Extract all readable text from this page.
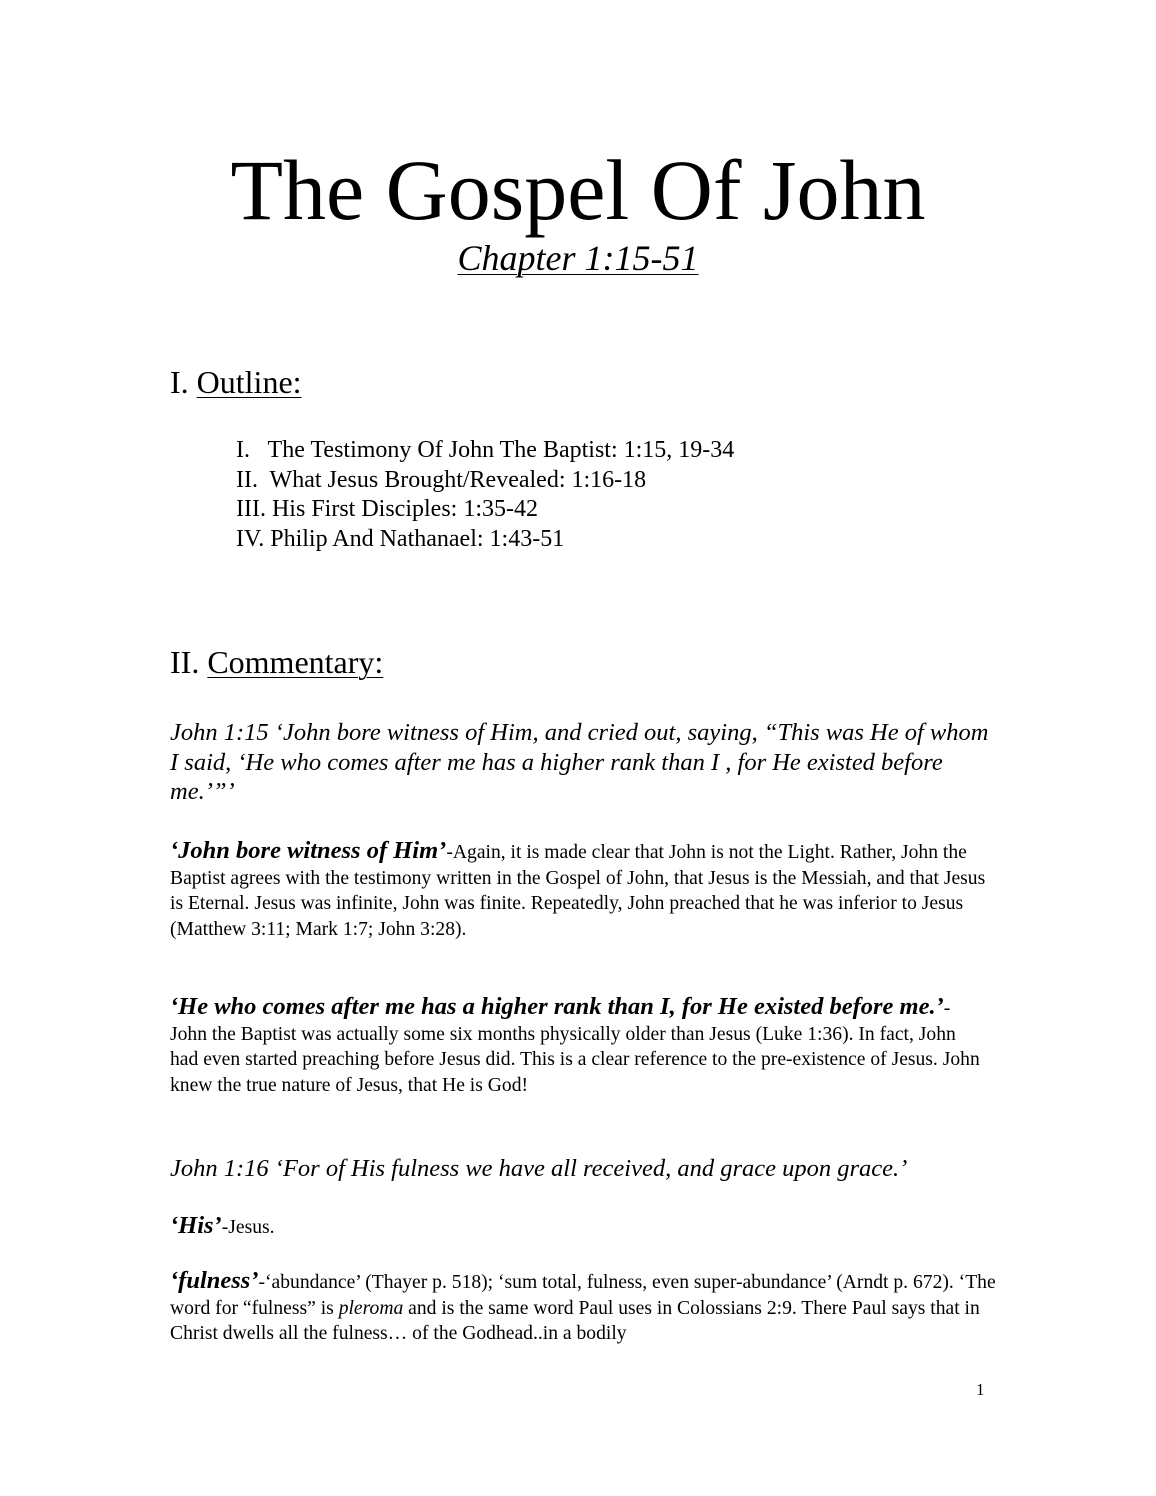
The Gospel Of John
Chapter 1:15-51
I. Outline:
I.   The Testimony Of John The Baptist: 1:15, 19-34
II.  What Jesus Brought/Revealed: 1:16-18
III. His First Disciples: 1:35-42
IV. Philip And Nathanael: 1:43-51
II. Commentary:
John 1:15 ‘John bore witness of Him, and cried out, saying, “This was He of whom I said, ‘He who comes after me has a higher rank than I , for He existed before me.’”’
‘John bore witness of Him’-Again, it is made clear that John is not the Light. Rather, John the Baptist agrees with the testimony written in the Gospel of John, that Jesus is the Messiah, and that Jesus is Eternal. Jesus was infinite, John was finite. Repeatedly, John preached that he was inferior to Jesus (Matthew 3:11; Mark 1:7; John 3:28).
‘He who comes after me has a higher rank than I, for He existed before me.’-John the Baptist was actually some six months physically older than Jesus (Luke 1:36). In fact, John had even started preaching before Jesus did. This is a clear reference to the pre-existence of Jesus. John knew the true nature of Jesus, that He is God!
John 1:16 ‘For of His fulness we have all received, and grace upon grace.’
‘His’-Jesus.
‘fulness’-‘abundance’ (Thayer p. 518); ‘sum total, fulness, even super-abundance’ (Arndt p. 672). ‘The word for “fulness” is pleroma and is the same word Paul uses in Colossians 2:9. There Paul says that in Christ dwells all the fulness… of the Godhead..in a bodily
1
